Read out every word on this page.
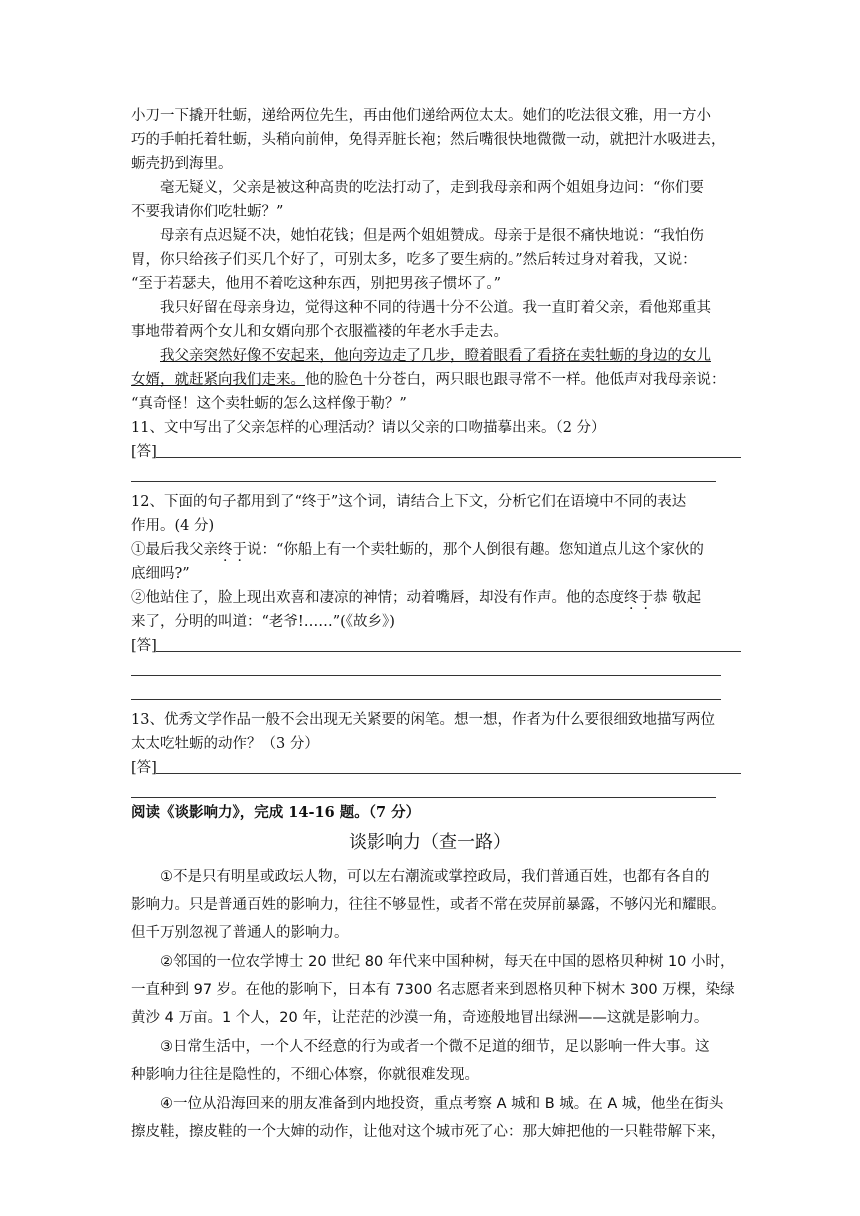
小刀一下撬开牡蛎，递给两位先生，再由他们递给两位太太。她们的吃法很文雅，用一方小
巧的手帕托着牡蛎，头稍向前伸，免得弄脏长袍；然后嘴很快地微微一动，就把汁水吸进去，
蛎壳扔到海里。
毫无疑义，父亲是被这种高贵的吃法打动了，走到我母亲和两个姐姐身边问：“你们要
不要我请你们吃牡蛎？”
母亲有点迟疑不决，她怕花钱；但是两个姐姐赞成。母亲于是很不痛快地说：“我怕伤
胃，你只给孩子们买几个好了，可别太多，吃多了要生病的。”然后转过身对着我，又说：
“至于若瑟夫，他用不着吃这种东西，别把男孩子惯坏了。”
我只好留在母亲身边，觉得这种不同的待遇十分不公道。我一直盯着父亲，看他郑重其
事地带着两个女儿和女婿向那个衣服褴褛的年老水手走去。
我父亲突然好像不安起来，他向旁边走了几步，瞪着眼看了看挤在卖牡蛎的身边的女儿
女婿，就赶紧向我们走来。他的脸色十分苍白，两只眼也跟寻常不一样。他低声对我母亲说：
“真奇怪！这个卖牡蛎的怎么这样像于勒？”
11、文中写出了父亲怎样的心理活动？请以父亲的口吻描摹出来。（2 分）
[答]
12、下面的句子都用到了“终于”这个词，请结合上下文，分析它们在语境中不同的表达
作用。(4 分)
①最后我父亲终于说：“你船上有一个卖牡蛎的，那个人倒很有趣。您知道点儿这个家伙的
底细吗?”
②他站住了，脸上现出欢喜和凄凉的神情；动着嘴唇，却没有作声。他的态度终于恭 敬起
来了，分明的叫道：“老爷!……”(《故乡》)
[答]
13、优秀文学作品一般不会出现无关紧要的闲笔。想一想，作者为什么要很细致地描写两位
太太吃牡蛎的动作？（3 分）
[答]
阅读《谈影响力》，完成 14-16 题。（7 分）
谈影响力（查一路）
①不是只有明星或政坛人物，可以左右潮流或掌控政局，我们普通百姓，也都有各自的
影响力。只是普通百姓的影响力，往往不够显性，或者不常在荧屏前暴露，不够闪光和耀眼。
但千万别忽视了普通人的影响力。
②邻国的一位农学博士 20 世纪 80 年代来中国种树，每天在中国的恩格贝种树 10 小时，
一直种到 97 岁。在他的影响下，日本有 7300 名志愿者来到恩格贝种下树木 300 万棵，染绿
黄沙 4 万亩。1 个人，20 年，让茫茫的沙漠一角，奇迹般地冒出绿洲——这就是影响力。
③日常生活中，一个人不经意的行为或者一个微不足道的细节，足以影响一件大事。这
种影响力往往是隐性的，不细心体察，你就很难发现。
④一位从沿海回来的朋友准备到内地投资，重点考察 A 城和 B 城。在 A 城，他坐在街头
擦皮鞋，擦皮鞋的一个大婶的动作，让他对这个城市死了心：那大婶把他的一只鞋带解下来，
